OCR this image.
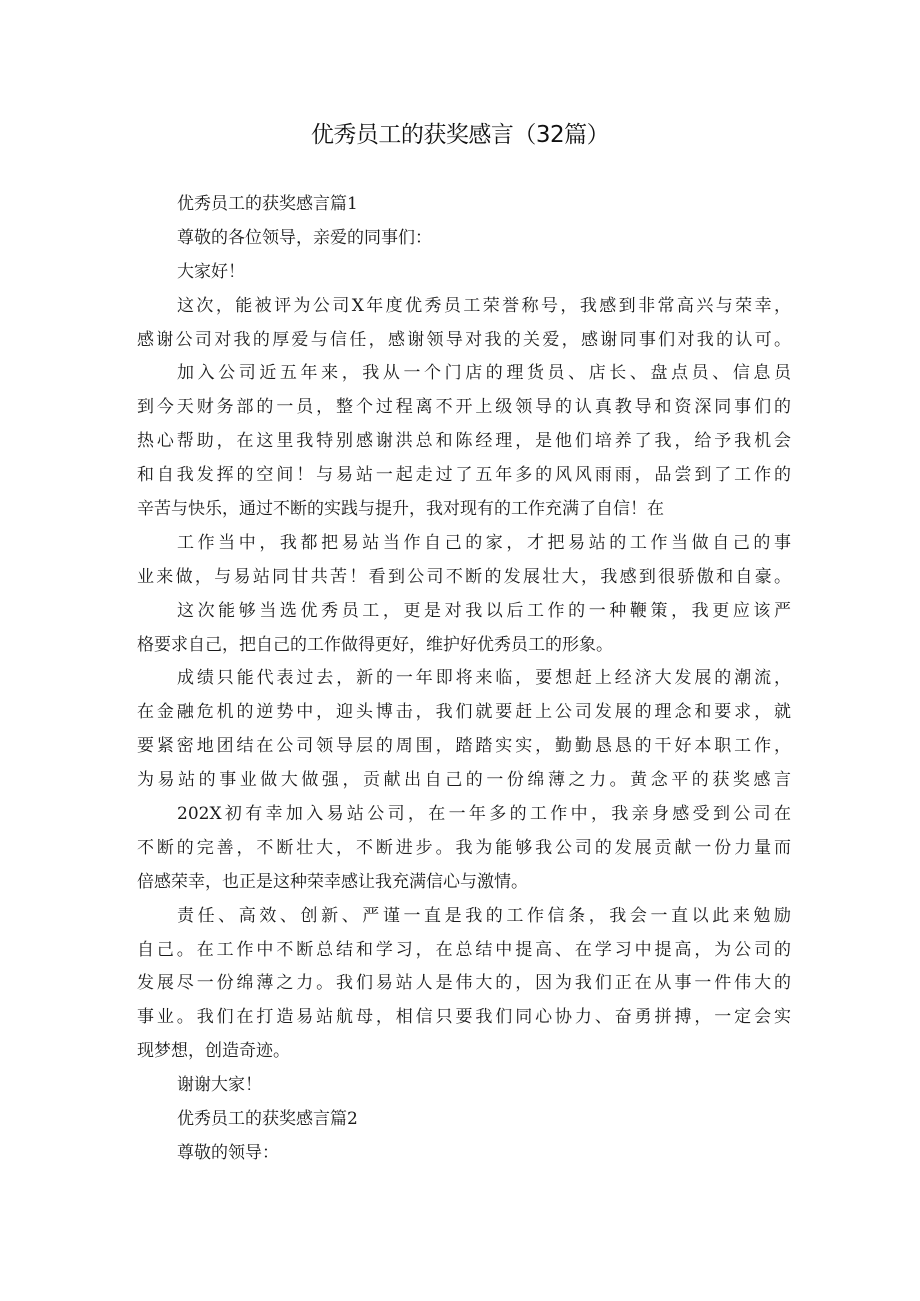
优秀员工的获奖感言（32篇）
优秀员工的获奖感言篇1
尊敬的各位领导，亲爱的同事们：
大家好！
这次，能被评为公司X年度优秀员工荣誉称号，我感到非常高兴与荣幸，
感谢公司对我的厚爱与信任，感谢领导对我的关爱，感谢同事们对我的认可。
加入公司近五年来，我从一个门店的理货员、店长、盘点员、信息员
到今天财务部的一员，整个过程离不开上级领导的认真教导和资深同事们的
热心帮助，在这里我特别感谢洪总和陈经理，是他们培养了我，给予我机会
和自我发挥的空间！与易站一起走过了五年多的风风雨雨，品尝到了工作的
辛苦与快乐，通过不断的实践与提升，我对现有的工作充满了自信！在
工作当中，我都把易站当作自己的家，才把易站的工作当做自己的事
业来做，与易站同甘共苦！看到公司不断的发展壮大，我感到很骄傲和自豪。
这次能够当选优秀员工，更是对我以后工作的一种鞭策，我更应该严
格要求自己，把自己的工作做得更好，维护好优秀员工的形象。
成绩只能代表过去，新的一年即将来临，要想赶上经济大发展的潮流，
在金融危机的逆势中，迎头博击，我们就要赶上公司发展的理念和要求，就
要紧密地团结在公司领导层的周围，踏踏实实，勤勤恳恳的干好本职工作，
为易站的事业做大做强，贡献出自己的一份绵薄之力。黄念平的获奖感言
202X初有幸加入易站公司，在一年多的工作中，我亲身感受到公司在
不断的完善，不断壮大，不断进步。我为能够我公司的发展贡献一份力量而
倍感荣幸，也正是这种荣幸感让我充满信心与激情。
责任、高效、创新、严谨一直是我的工作信条，我会一直以此来勉励
自己。在工作中不断总结和学习，在总结中提高、在学习中提高，为公司的
发展尽一份绵薄之力。我们易站人是伟大的，因为我们正在从事一件伟大的
事业。我们在打造易站航母，相信只要我们同心协力、奋勇拼搏，一定会实
现梦想，创造奇迹。
谢谢大家！
优秀员工的获奖感言篇2
尊敬的领导：
